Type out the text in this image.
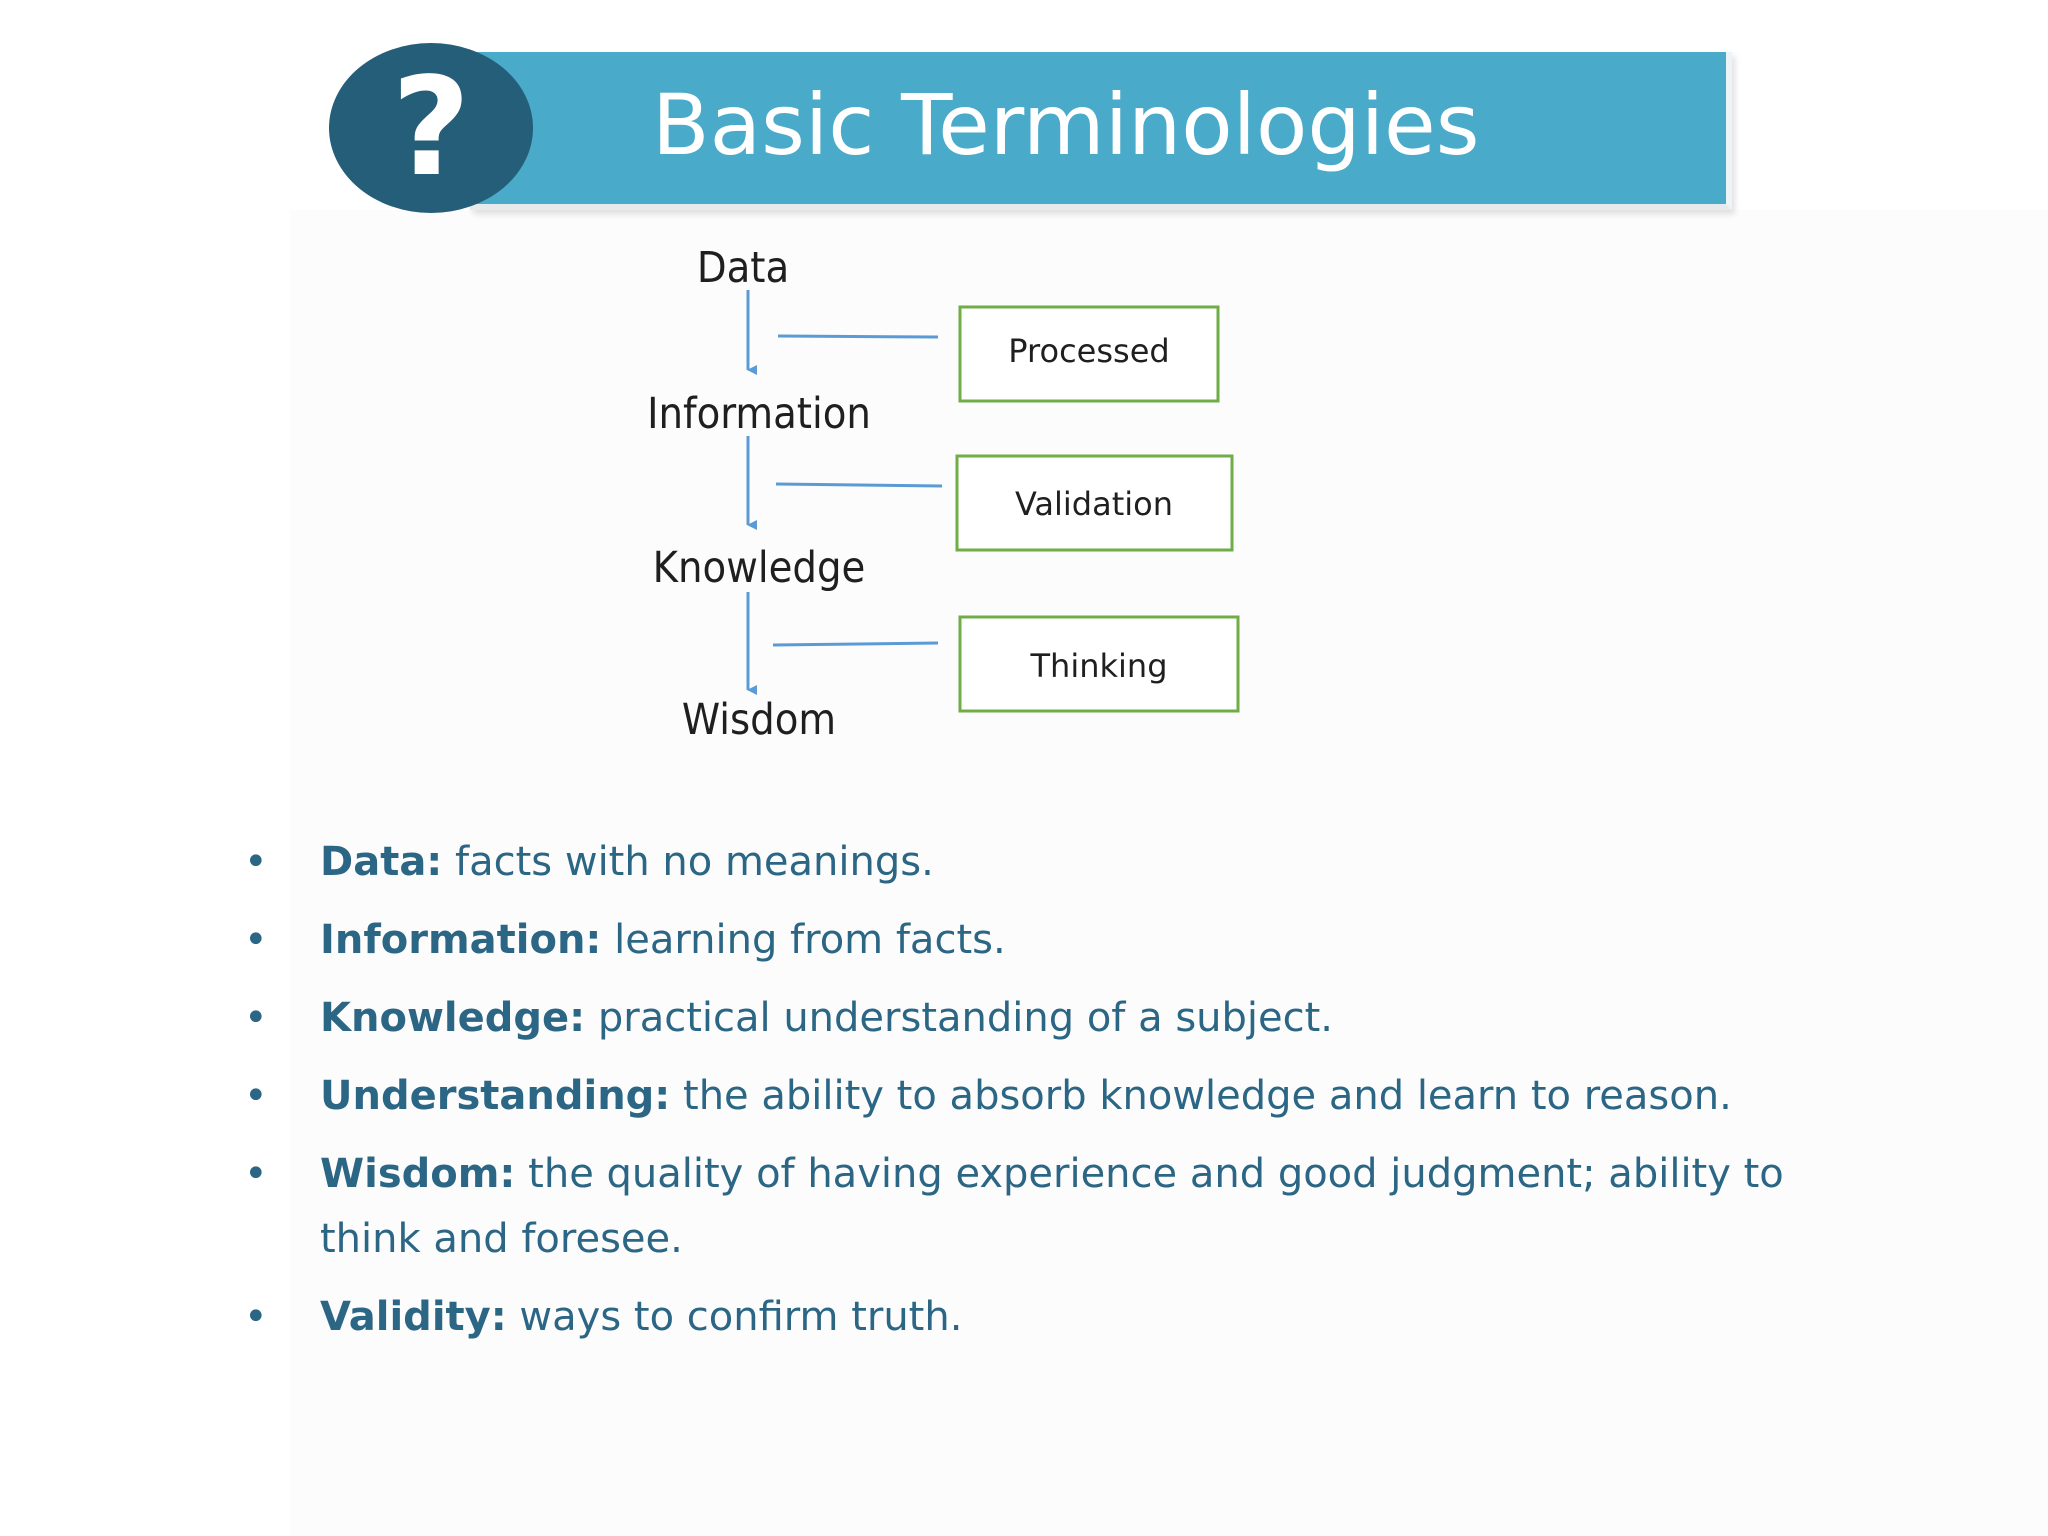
Basic Terminologies
?
Data
Information
Knowledge
Wisdom
Processed
Validation
Thinking
• Data: facts with no meanings.
• Information: learning from facts.
• Knowledge: practical understanding of a subject.
• Understanding: the ability to absorb knowledge and learn to reason.
• Wisdom: the quality of having experience and good judgment; ability to think and foresee.
• Validity: ways to confirm truth.
